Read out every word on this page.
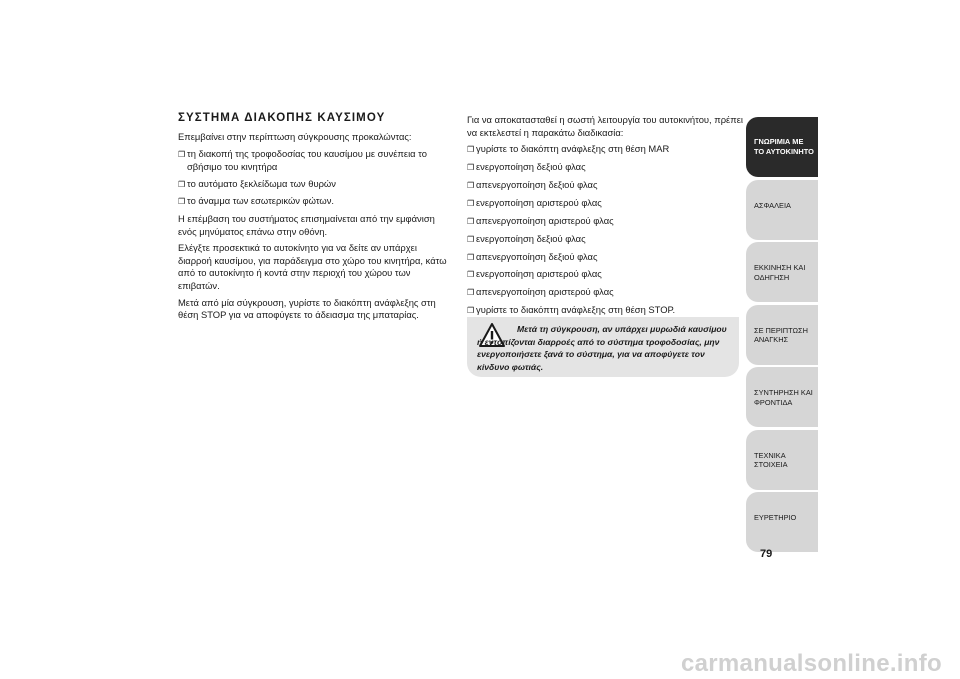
ΣΥΣΤΗΜΑ ΔΙΑΚΟΠΗΣ ΚΑΥΣΙΜΟΥ

Επεμβαίνει στην περίπτωση σύγκρουσης προκαλώντας:

❒ τη διακοπή της τροφοδοσίας του καυσίμου με συνέπεια το σβήσιμο του κινητήρα

❒ το αυτόματο ξεκλείδωμα των θυρών

❒ το άναμμα των εσωτερικών φώτων.

Η επέμβαση του συστήματος επισημαίνεται από την εμφάνιση ενός μηνύματος επάνω στην οθόνη.

Ελέγξτε προσεκτικά το αυτοκίνητο για να δείτε αν υπάρχει διαρροή καυσίμου, για παράδειγμα στο χώρο του κινητήρα, κάτω από το αυτοκίνητο ή κοντά στην περιοχή του χώρου των επιβατών.

Μετά από μία σύγκρουση, γυρίστε το διακόπτη ανάφλεξης στη θέση STOP για να αποφύγετε το άδειασμα της μπαταρίας.

Για να αποκατασταθεί η σωστή λειτουργία του αυτοκινήτου, πρέπει να εκτελεστεί η παρακάτω διαδικασία:

❒ γυρίστε το διακόπτη ανάφλεξης στη θέση MAR

❒ ενεργοποίηση δεξιού φλας

❒ απενεργοποίηση δεξιού φλας

❒ ενεργοποίηση αριστερού φλας

❒ απενεργοποίηση αριστερού φλας

❒ ενεργοποίηση δεξιού φλας

❒ απενεργοποίηση δεξιού φλας

❒ ενεργοποίηση αριστερού φλας

❒ απενεργοποίηση αριστερού φλας

❒ γυρίστε το διακόπτη ανάφλεξης στη θέση STOP.

Μετά τη σύγκρουση, αν υπάρχει μυρωδιά καυσίμου ή εντοπίζονται διαρροές από το σύστημα τροφοδοσίας, μην ενεργοποιήσετε ξανά το σύστημα, για να αποφύγετε τον κίνδυνο φωτιάς.
ΓΝΩΡΙΜΙΑ ΜΕ ΤΟ ΑΥΤΟΚΙΝΗΤΟ
ΑΣΦΑΛΕΙΑ
ΕΚΚΙΝΗΣΗ ΚΑΙ ΟΔΗΓΗΣΗ
ΣΕ ΠΕΡΙΠΤΩΣΗ ΑΝΑΓΚΗΣ
ΣΥΝΤΗΡΗΣΗ ΚΑΙ ΦΡΟΝΤΙΔΑ
ΤΕΧΝΙΚΑ ΣΤΟΙΧΕΙΑ
ΕΥΡΕΤΗΡΙΟ
79
carmanualsonline.info
